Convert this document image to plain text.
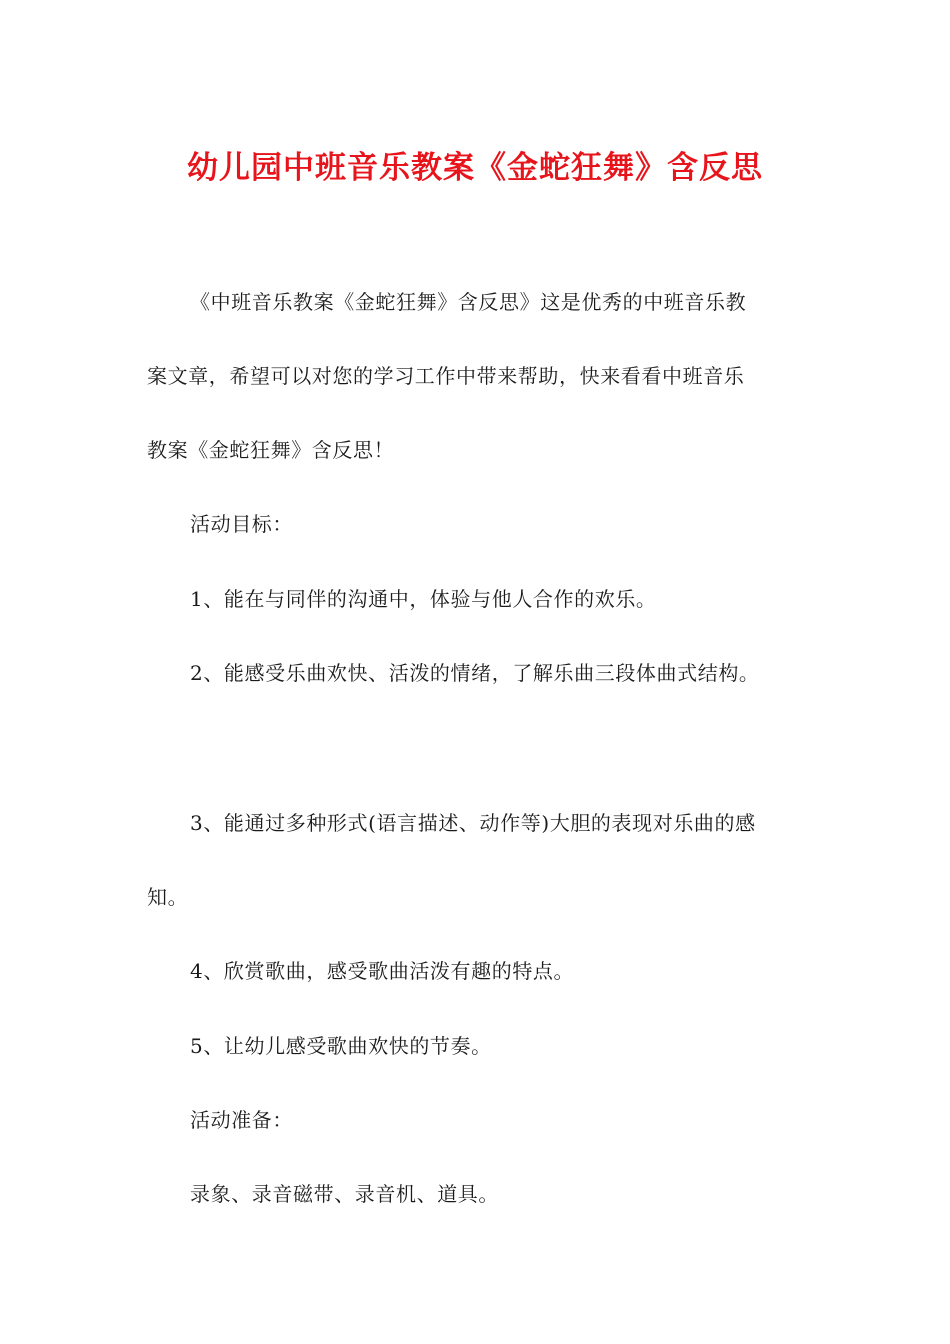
幼儿园中班音乐教案《金蛇狂舞》含反思

《中班音乐教案《金蛇狂舞》含反思》这是优秀的中班音乐教

案文章，希望可以对您的学习工作中带来帮助，快来看看中班音乐

教案《金蛇狂舞》含反思！

活动目标：

1、能在与同伴的沟通中，体验与他人合作的欢乐。

2、能感受乐曲欢快、活泼的情绪，了解乐曲三段体曲式结构。

3、能通过多种形式(语言描述、动作等)大胆的表现对乐曲的感

知。

4、欣赏歌曲，感受歌曲活泼有趣的特点。

5、让幼儿感受歌曲欢快的节奏。

活动准备：

录象、录音磁带、录音机、道具。
